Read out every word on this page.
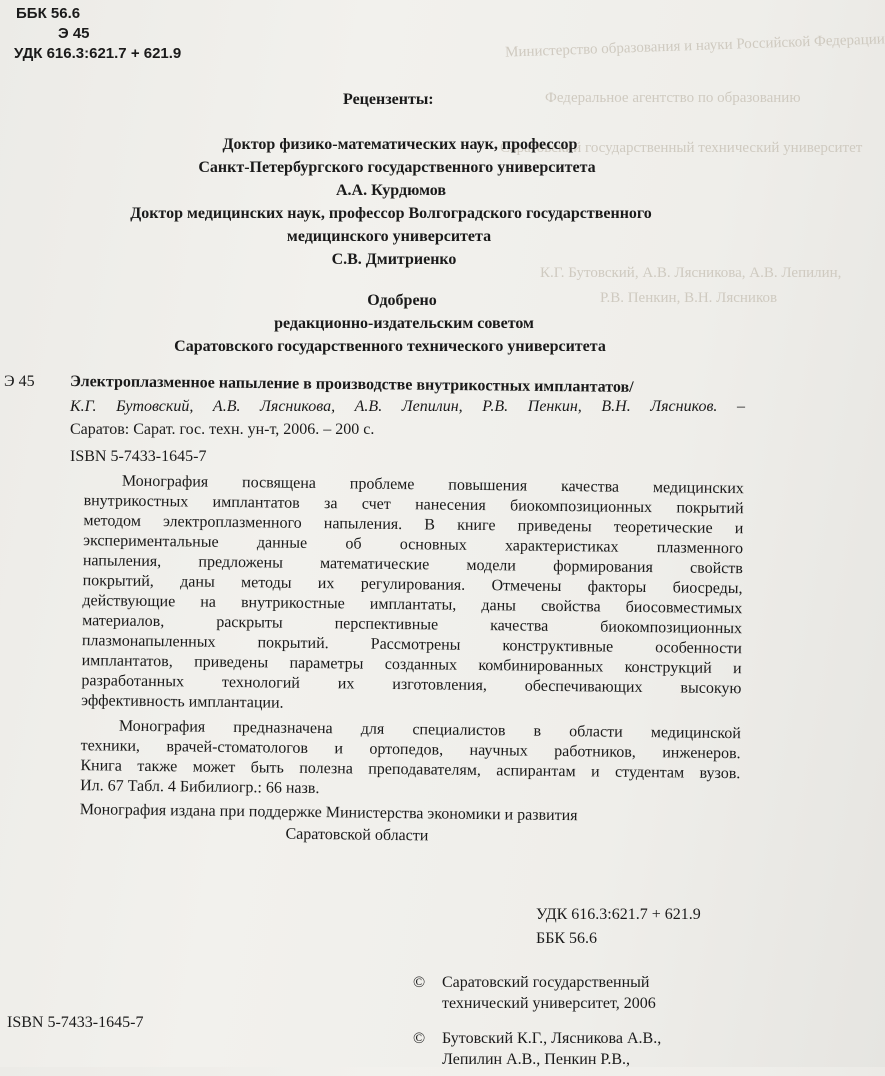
Министерство образования и науки Российской Федерации
Федеральное агентство по образованию
Саратовский государственный технический университет
К.Г. Бутовский, А.В. Лясникова, А.В. Лепилин,
Р.В. Пенкин, В.Н. Лясников
ББК 56.6
Э 45
УДК 616.3:621.7 + 621.9
Рецензенты:
Доктор физико-математических наук, профессор
Санкт-Петербургского государственного университета
А.А. Курдюмов
Доктор медицинских наук, профессор Волгоградского государственного
медицинского университета
С.В. Дмитриенко
Одобрено
редакционно-издательским советом
Саратовского государственного технического университета
Э 45 Электроплазменное напыление в производстве внутрикостных имплантатов/
К.Г. Бутовский, А.В. Лясникова, А.В. Лепилин, Р.В. Пенкин, В.Н. Лясников. –
Саратов: Сарат. гос. техн. ун-т, 2006. – 200 с.
ISBN 5-7433-1645-7
Монография посвящена проблеме повышения качества медицинских
внутрикостных имплантатов за счет нанесения биокомпозиционных покрытий
методом электроплазменного напыления. В книге приведены теоретические и
экспериментальные данные об основных характеристиках плазменного
напыления, предложены математические модели формирования свойств
покрытий, даны методы их регулирования. Отмечены факторы биосреды,
действующие на внутрикостные имплантаты, даны свойства биосовместимых
материалов, раскрыты перспективные качества биокомпозиционных
плазмонапыленных покрытий. Рассмотрены конструктивные особенности
имплантатов, приведены параметры созданных комбинированных конструкций и
разработанных технологий их изготовления, обеспечивающих высокую
эффективность имплантации.
Монография предназначена для специалистов в области медицинской
техники, врачей-стоматологов и ортопедов, научных работников, инженеров.
Книга также может быть полезна преподавателям, аспирантам и студентам вузов.
Ил. 67 Табл. 4 Бибилиогр.: 66 назв.
Монография издана при поддержке Министерства экономики и развития
Саратовской области
УДК 616.3:621.7 + 621.9
ББК 56.6
© Саратовский государственный
технический университет, 2006
ISBN 5-7433-1645-7
© Бутовский К.Г., Лясникова А.В.,
Лепилин А.В., Пенкин Р.В.,
